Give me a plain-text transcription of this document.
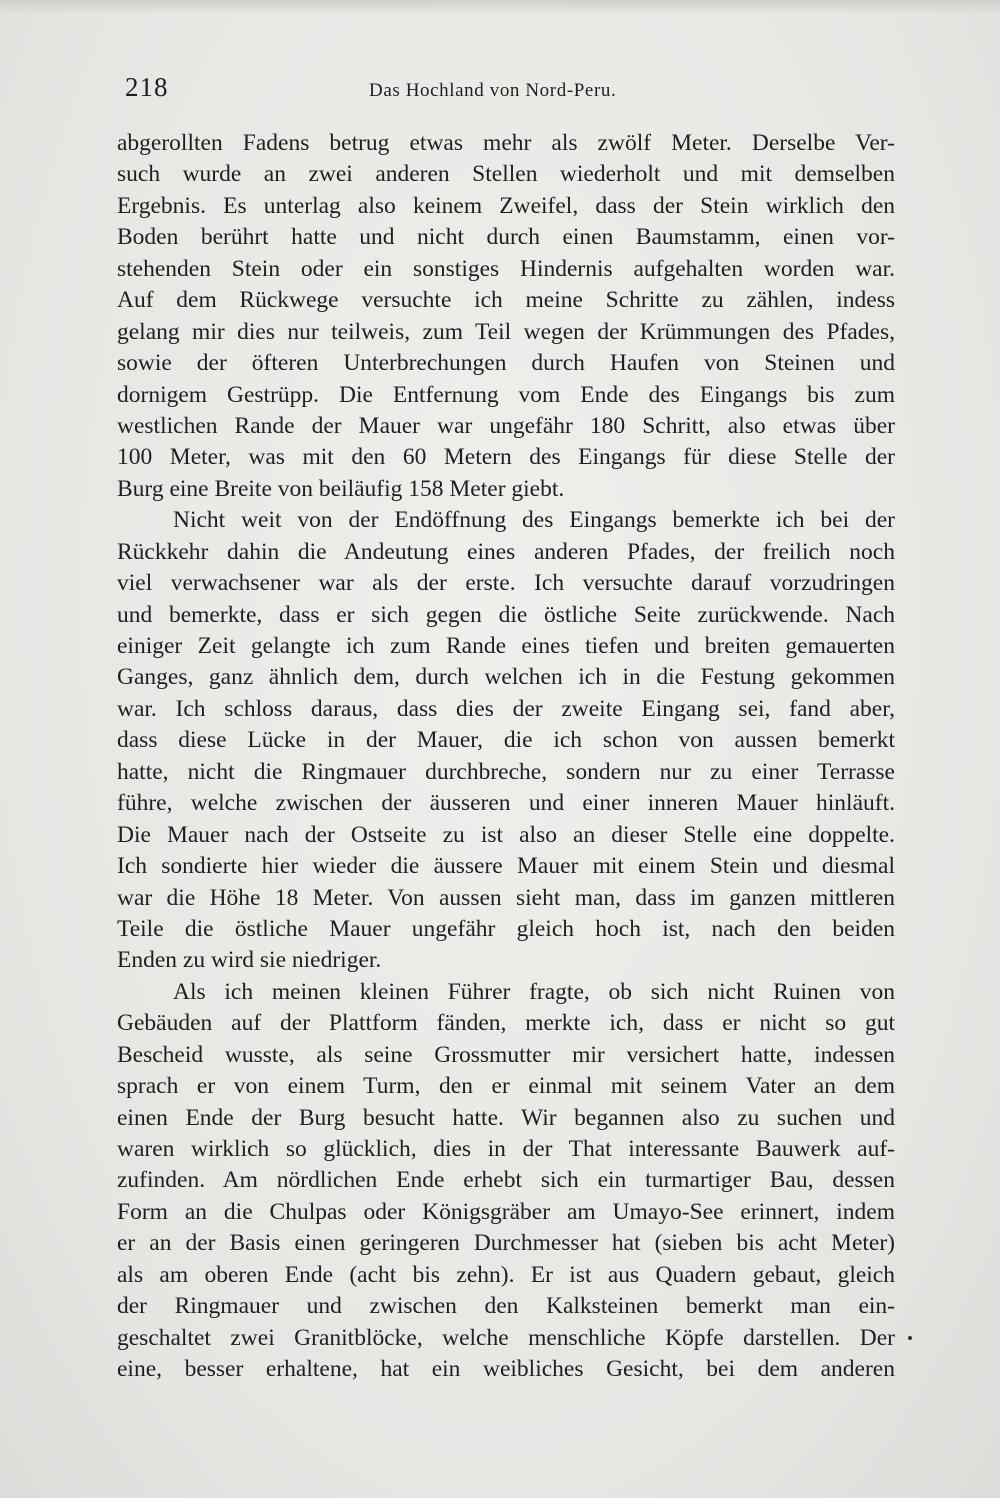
218	Das Hochland von Nord-Peru.
abgerollten Fadens betrug etwas mehr als zwölf Meter. Derselbe Ver-
such wurde an zwei anderen Stellen wiederholt und mit demselben
Ergebnis. Es unterlag also keinem Zweifel, dass der Stein wirklich den
Boden berührt hatte und nicht durch einen Baumstamm, einen vor-
stehenden Stein oder ein sonstiges Hindernis aufgehalten worden war.
Auf dem Rückwege versuchte ich meine Schritte zu zählen, indess
gelang mir dies nur teilweis, zum Teil wegen der Krümmungen des Pfades,
sowie der öfteren Unterbrechungen durch Haufen von Steinen und
dornigem Gestrüpp. Die Entfernung vom Ende des Eingangs bis zum
westlichen Rande der Mauer war ungefähr 180 Schritt, also etwas über
100 Meter, was mit den 60 Metern des Eingangs für diese Stelle der
Burg eine Breite von beiläufig 158 Meter giebt.
Nicht weit von der Endöffnung des Eingangs bemerkte ich bei der
Rückkehr dahin die Andeutung eines anderen Pfades, der freilich noch
viel verwachsener war als der erste. Ich versuchte darauf vorzudringen
und bemerkte, dass er sich gegen die östliche Seite zurückwende. Nach
einiger Zeit gelangte ich zum Rande eines tiefen und breiten gemauerten
Ganges, ganz ähnlich dem, durch welchen ich in die Festung gekommen
war. Ich schloss daraus, dass dies der zweite Eingang sei, fand aber,
dass diese Lücke in der Mauer, die ich schon von aussen bemerkt
hatte, nicht die Ringmauer durchbreche, sondern nur zu einer Terrasse
führe, welche zwischen der äusseren und einer inneren Mauer hinläuft.
Die Mauer nach der Ostseite zu ist also an dieser Stelle eine doppelte.
Ich sondierte hier wieder die äussere Mauer mit einem Stein und diesmal
war die Höhe 18 Meter. Von aussen sieht man, dass im ganzen mittleren
Teile die östliche Mauer ungefähr gleich hoch ist, nach den beiden
Enden zu wird sie niedriger.
Als ich meinen kleinen Führer fragte, ob sich nicht Ruinen von
Gebäuden auf der Plattform fänden, merkte ich, dass er nicht so gut
Bescheid wusste, als seine Grossmutter mir versichert hatte, indessen
sprach er von einem Turm, den er einmal mit seinem Vater an dem
einen Ende der Burg besucht hatte. Wir begannen also zu suchen und
waren wirklich so glücklich, dies in der That interessante Bauwerk auf-
zufinden. Am nördlichen Ende erhebt sich ein turmartiger Bau, dessen
Form an die Chulpas oder Königsgräber am Umayo-See erinnert, indem
er an der Basis einen geringeren Durchmesser hat (sieben bis acht Meter)
als am oberen Ende (acht bis zehn). Er ist aus Quadern gebaut, gleich
der Ringmauer und zwischen den Kalksteinen bemerkt man ein-
geschaltet zwei Granitblöcke, welche menschliche Köpfe darstellen. Der
eine, besser erhaltene, hat ein weibliches Gesicht, bei dem anderen
